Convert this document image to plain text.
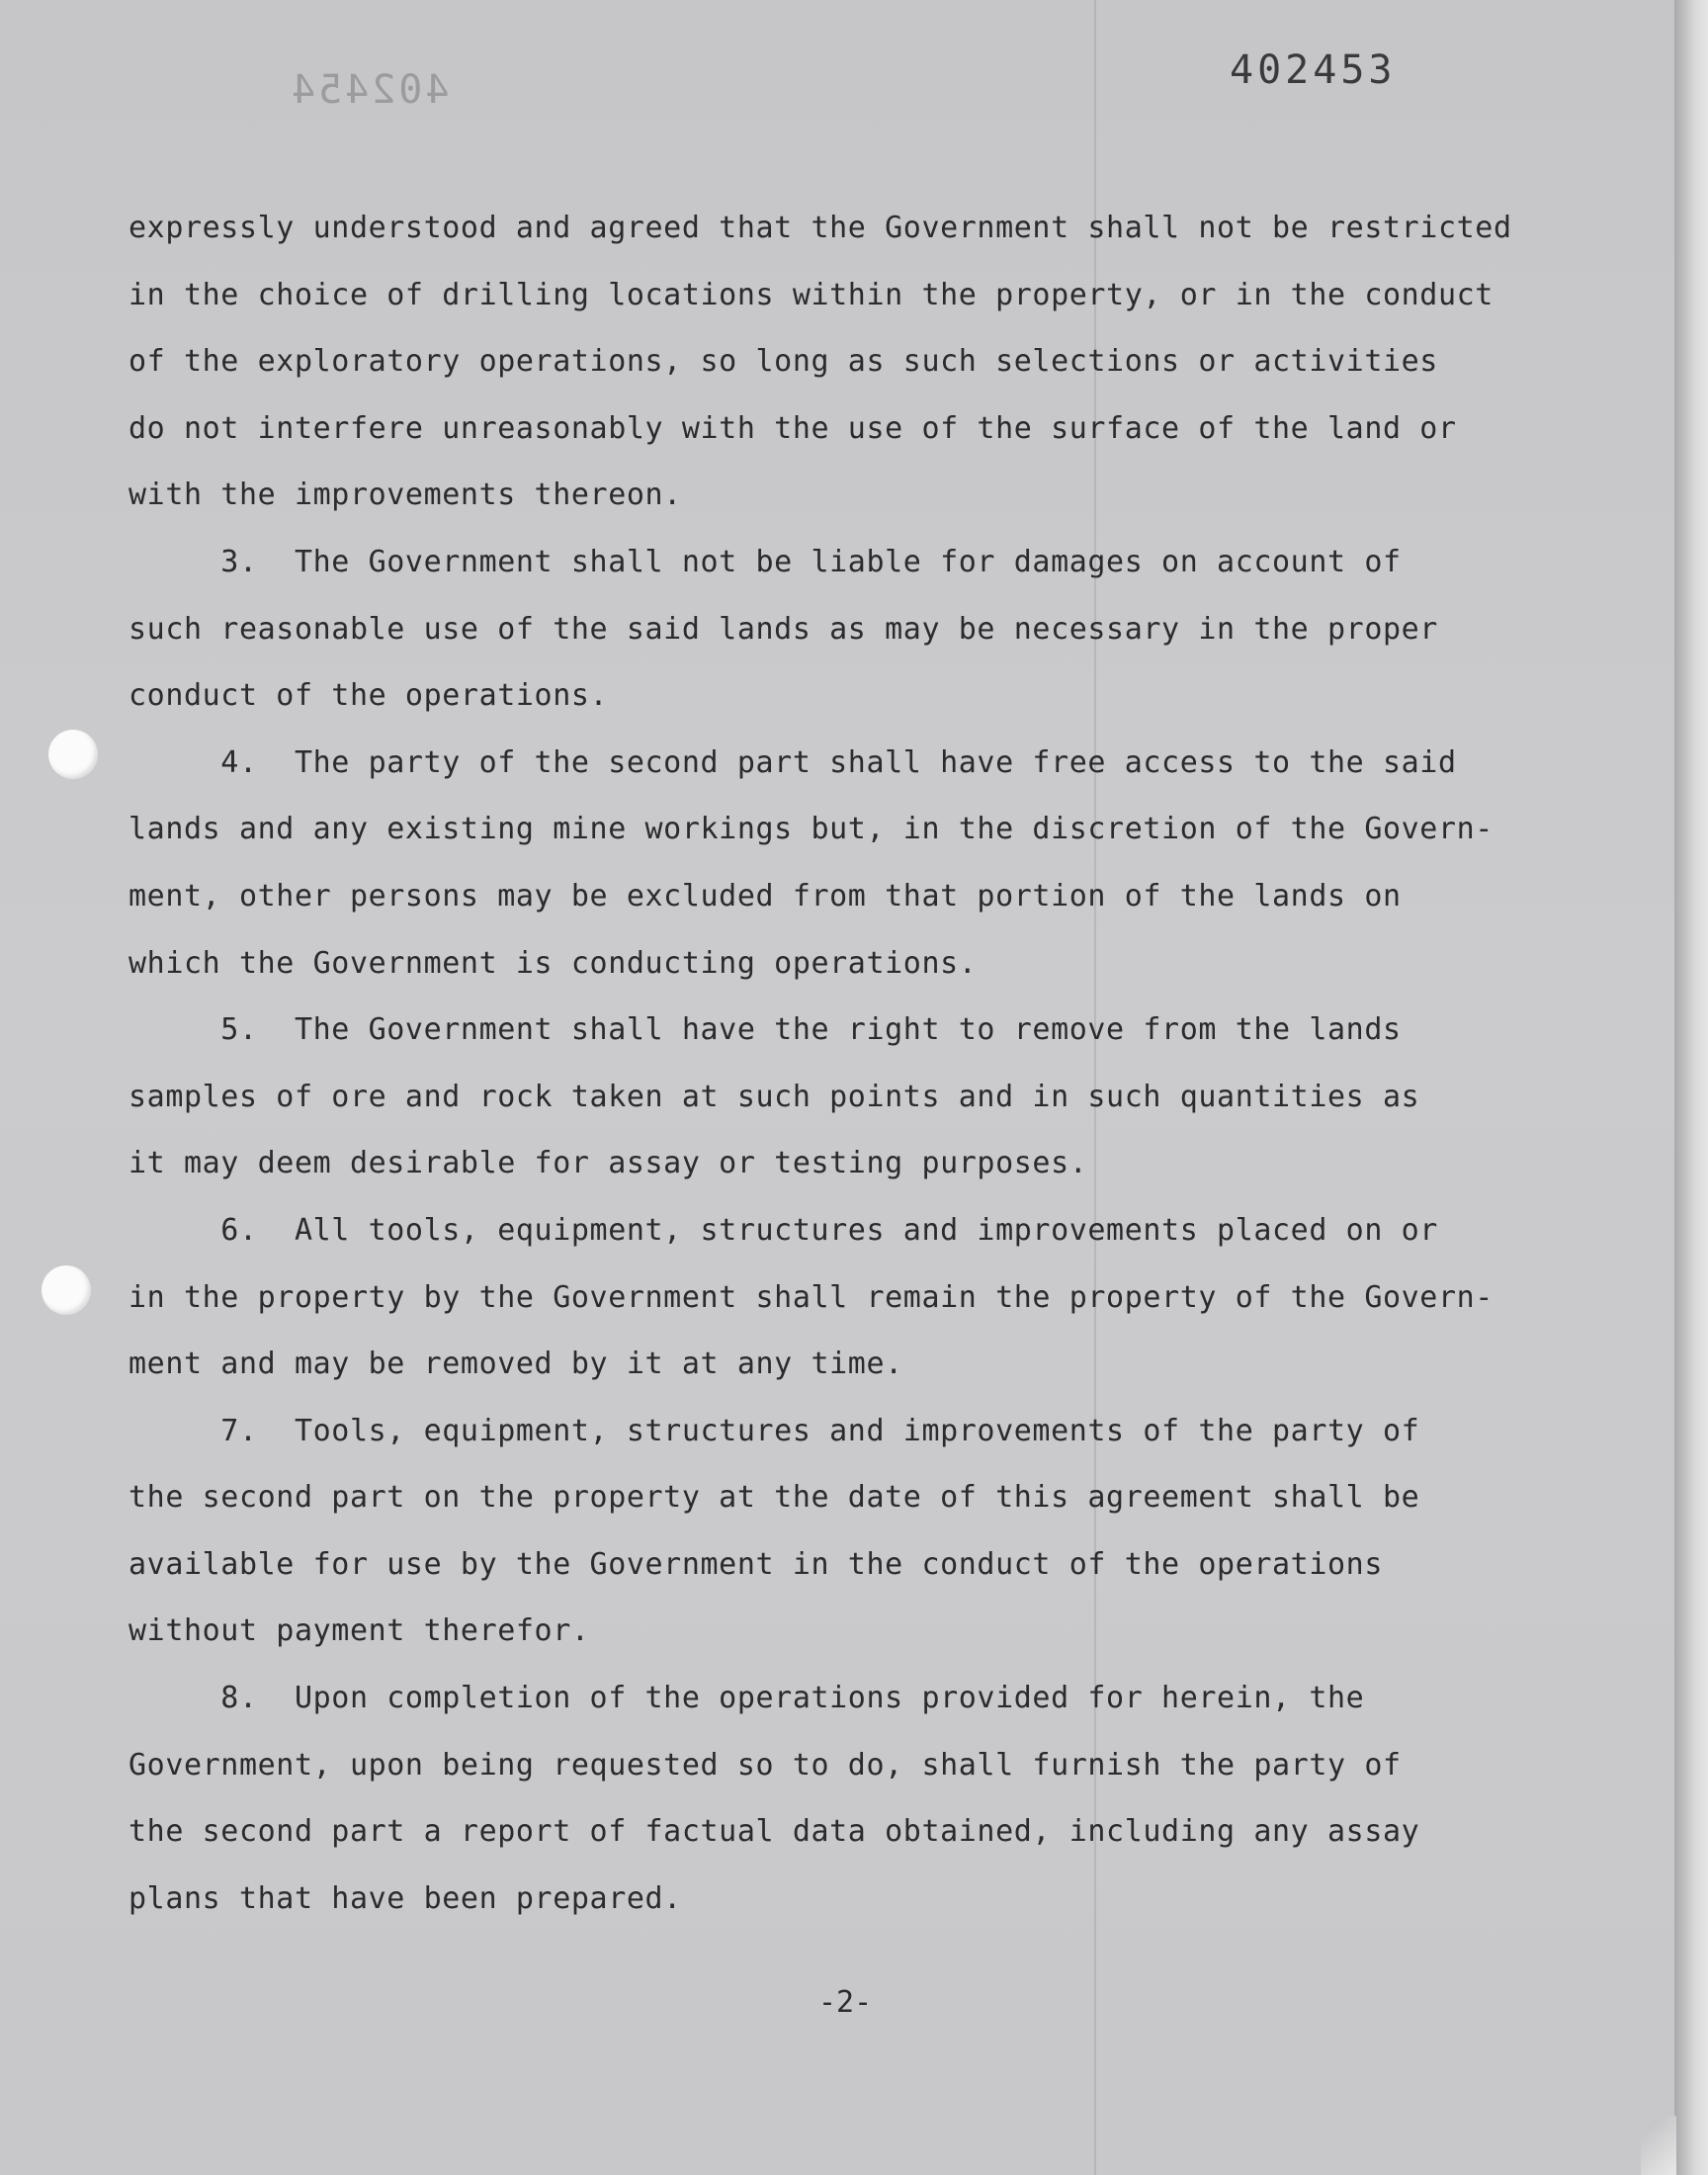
402454	402453
expressly understood and agreed that the Government shall not be restricted
in the choice of drilling locations within the property, or in the conduct
of the exploratory operations, so long as such selections or activities
do not interfere unreasonably with the use of the surface of the land or
with the improvements thereon.
3.  The Government shall not be liable for damages on account of
such reasonable use of the said lands as may be necessary in the proper
conduct of the operations.
4.  The party of the second part shall have free access to the said
lands and any existing mine workings but, in the discretion of the Govern-
ment, other persons may be excluded from that portion of the lands on
which the Government is conducting operations.
5.  The Government shall have the right to remove from the lands
samples of ore and rock taken at such points and in such quantities as
it may deem desirable for assay or testing purposes.
6.  All tools, equipment, structures and improvements placed on or
in the property by the Government shall remain the property of the Govern-
ment and may be removed by it at any time.
7.  Tools, equipment, structures and improvements of the party of
the second part on the property at the date of this agreement shall be
available for use by the Government in the conduct of the operations
without payment therefor.
8.  Upon completion of the operations provided for herein, the
Government, upon being requested so to do, shall furnish the party of
the second part a report of factual data obtained, including any assay
plans that have been prepared.
-2-
